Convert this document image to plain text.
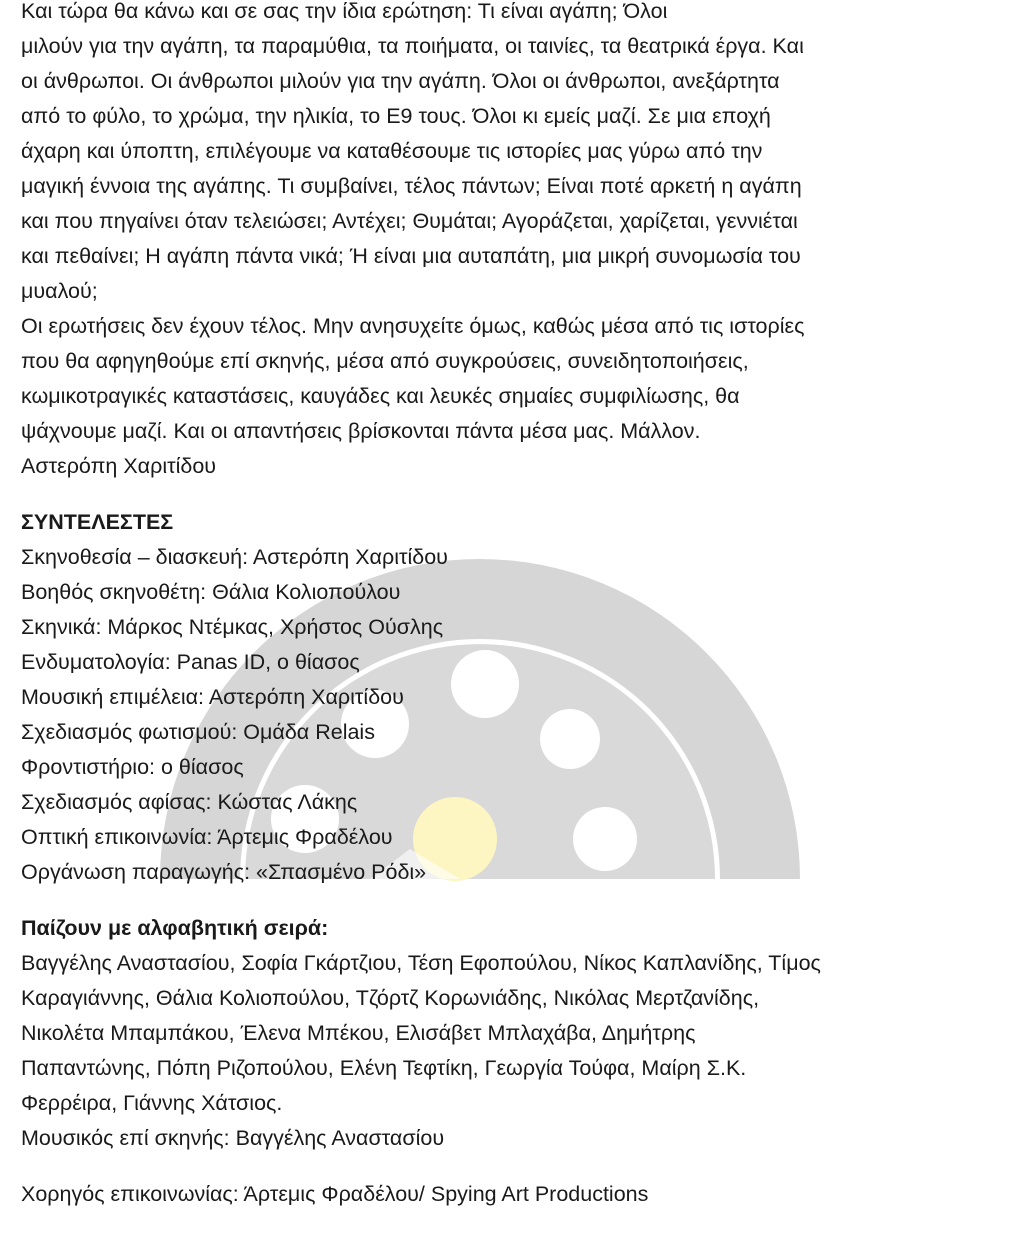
Και τώρα θα κάνω και σε σας την ίδια ερώτηση: Τι είναι αγάπη; Όλοι
μιλούν για την αγάπη, τα παραμύθια, τα ποιήματα, οι ταινίες, τα θεατρικά έργα. Και
οι άνθρωποι. Οι άνθρωποι μιλούν για την αγάπη. Όλοι οι άνθρωποι, ανεξάρτητα
από το φύλο, το χρώμα, την ηλικία, το Ε9 τους. Όλοι κι εμείς μαζί. Σε μια εποχή
άχαρη και ύποπτη, επιλέγουμε να καταθέσουμε τις ιστορίες μας γύρω από την
μαγική έννοια της αγάπης. Τι συμβαίνει, τέλος πάντων; Είναι ποτέ αρκετή η αγάπη
και που πηγαίνει όταν τελειώσει; Αντέχει; Θυμάται; Αγοράζεται, χαρίζεται, γεννιέται
και πεθαίνει; Η αγάπη πάντα νικά; Ή είναι μια αυταπάτη, μια μικρή συνομωσία του
μυαλού;
Οι ερωτήσεις δεν έχουν τέλος. Μην ανησυχείτε όμως, καθώς μέσα από τις ιστορίες
που θα αφηγηθούμε επί σκηνής, μέσα από συγκρούσεις, συνειδητοποιήσεις,
κωμικοτραγικές καταστάσεις, καυγάδες και λευκές σημαίες συμφιλίωσης, θα
ψάχνουμε μαζί. Και οι απαντήσεις βρίσκονται πάντα μέσα μας. Μάλλον.
Αστερόπη Χαριτίδου
ΣΥΝΤΕΛΕΣΤΕΣ
Σκηνοθεσία – διασκευή: Αστερόπη Χαριτίδου
Βοηθός σκηνοθέτη: Θάλια Κολιοπούλου
Σκηνικά: Μάρκος Ντέμκας, Χρήστος Ούσλης
Ενδυματολογία: Panas ID, ο θίασος
Μουσική επιμέλεια: Αστερόπη Χαριτίδου
Σχεδιασμός φωτισμού: Ομάδα Relais
Φροντιστήριο: ο θίασος
Σχεδιασμός αφίσας: Κώστας Λάκης
Οπτική επικοινωνία: Άρτεμις Φραδέλου
Οργάνωση παραγωγής: «Σπασμένο Ρόδι»
Παίζουν με αλφαβητική σειρά:
Βαγγέλης Αναστασίου, Σοφία Γκάρτζιου, Τέση Εφοπούλου, Νίκος Καπλανίδης, Τίμος
Καραγιάννης, Θάλια Κολιοπούλου, Τζόρτζ Κορωνιάδης, Νικόλας Μερτζανίδης,
Νικολέτα Μπαμπάκου, Έλενα Μπέκου, Ελισάβετ Μπλαχάβα, Δημήτρης
Παπαντώνης, Πόπη Ριζοπούλου, Ελένη Τεφτίκη, Γεωργία Τούφα, Μαίρη Σ.Κ.
Φερρέιρα, Γιάννης Χάτσιος.
Μουσικός επί σκηνής: Βαγγέλης Αναστασίου
Χορηγός επικοινωνίας: Άρτεμις Φραδέλου/ Spying Art Productions
